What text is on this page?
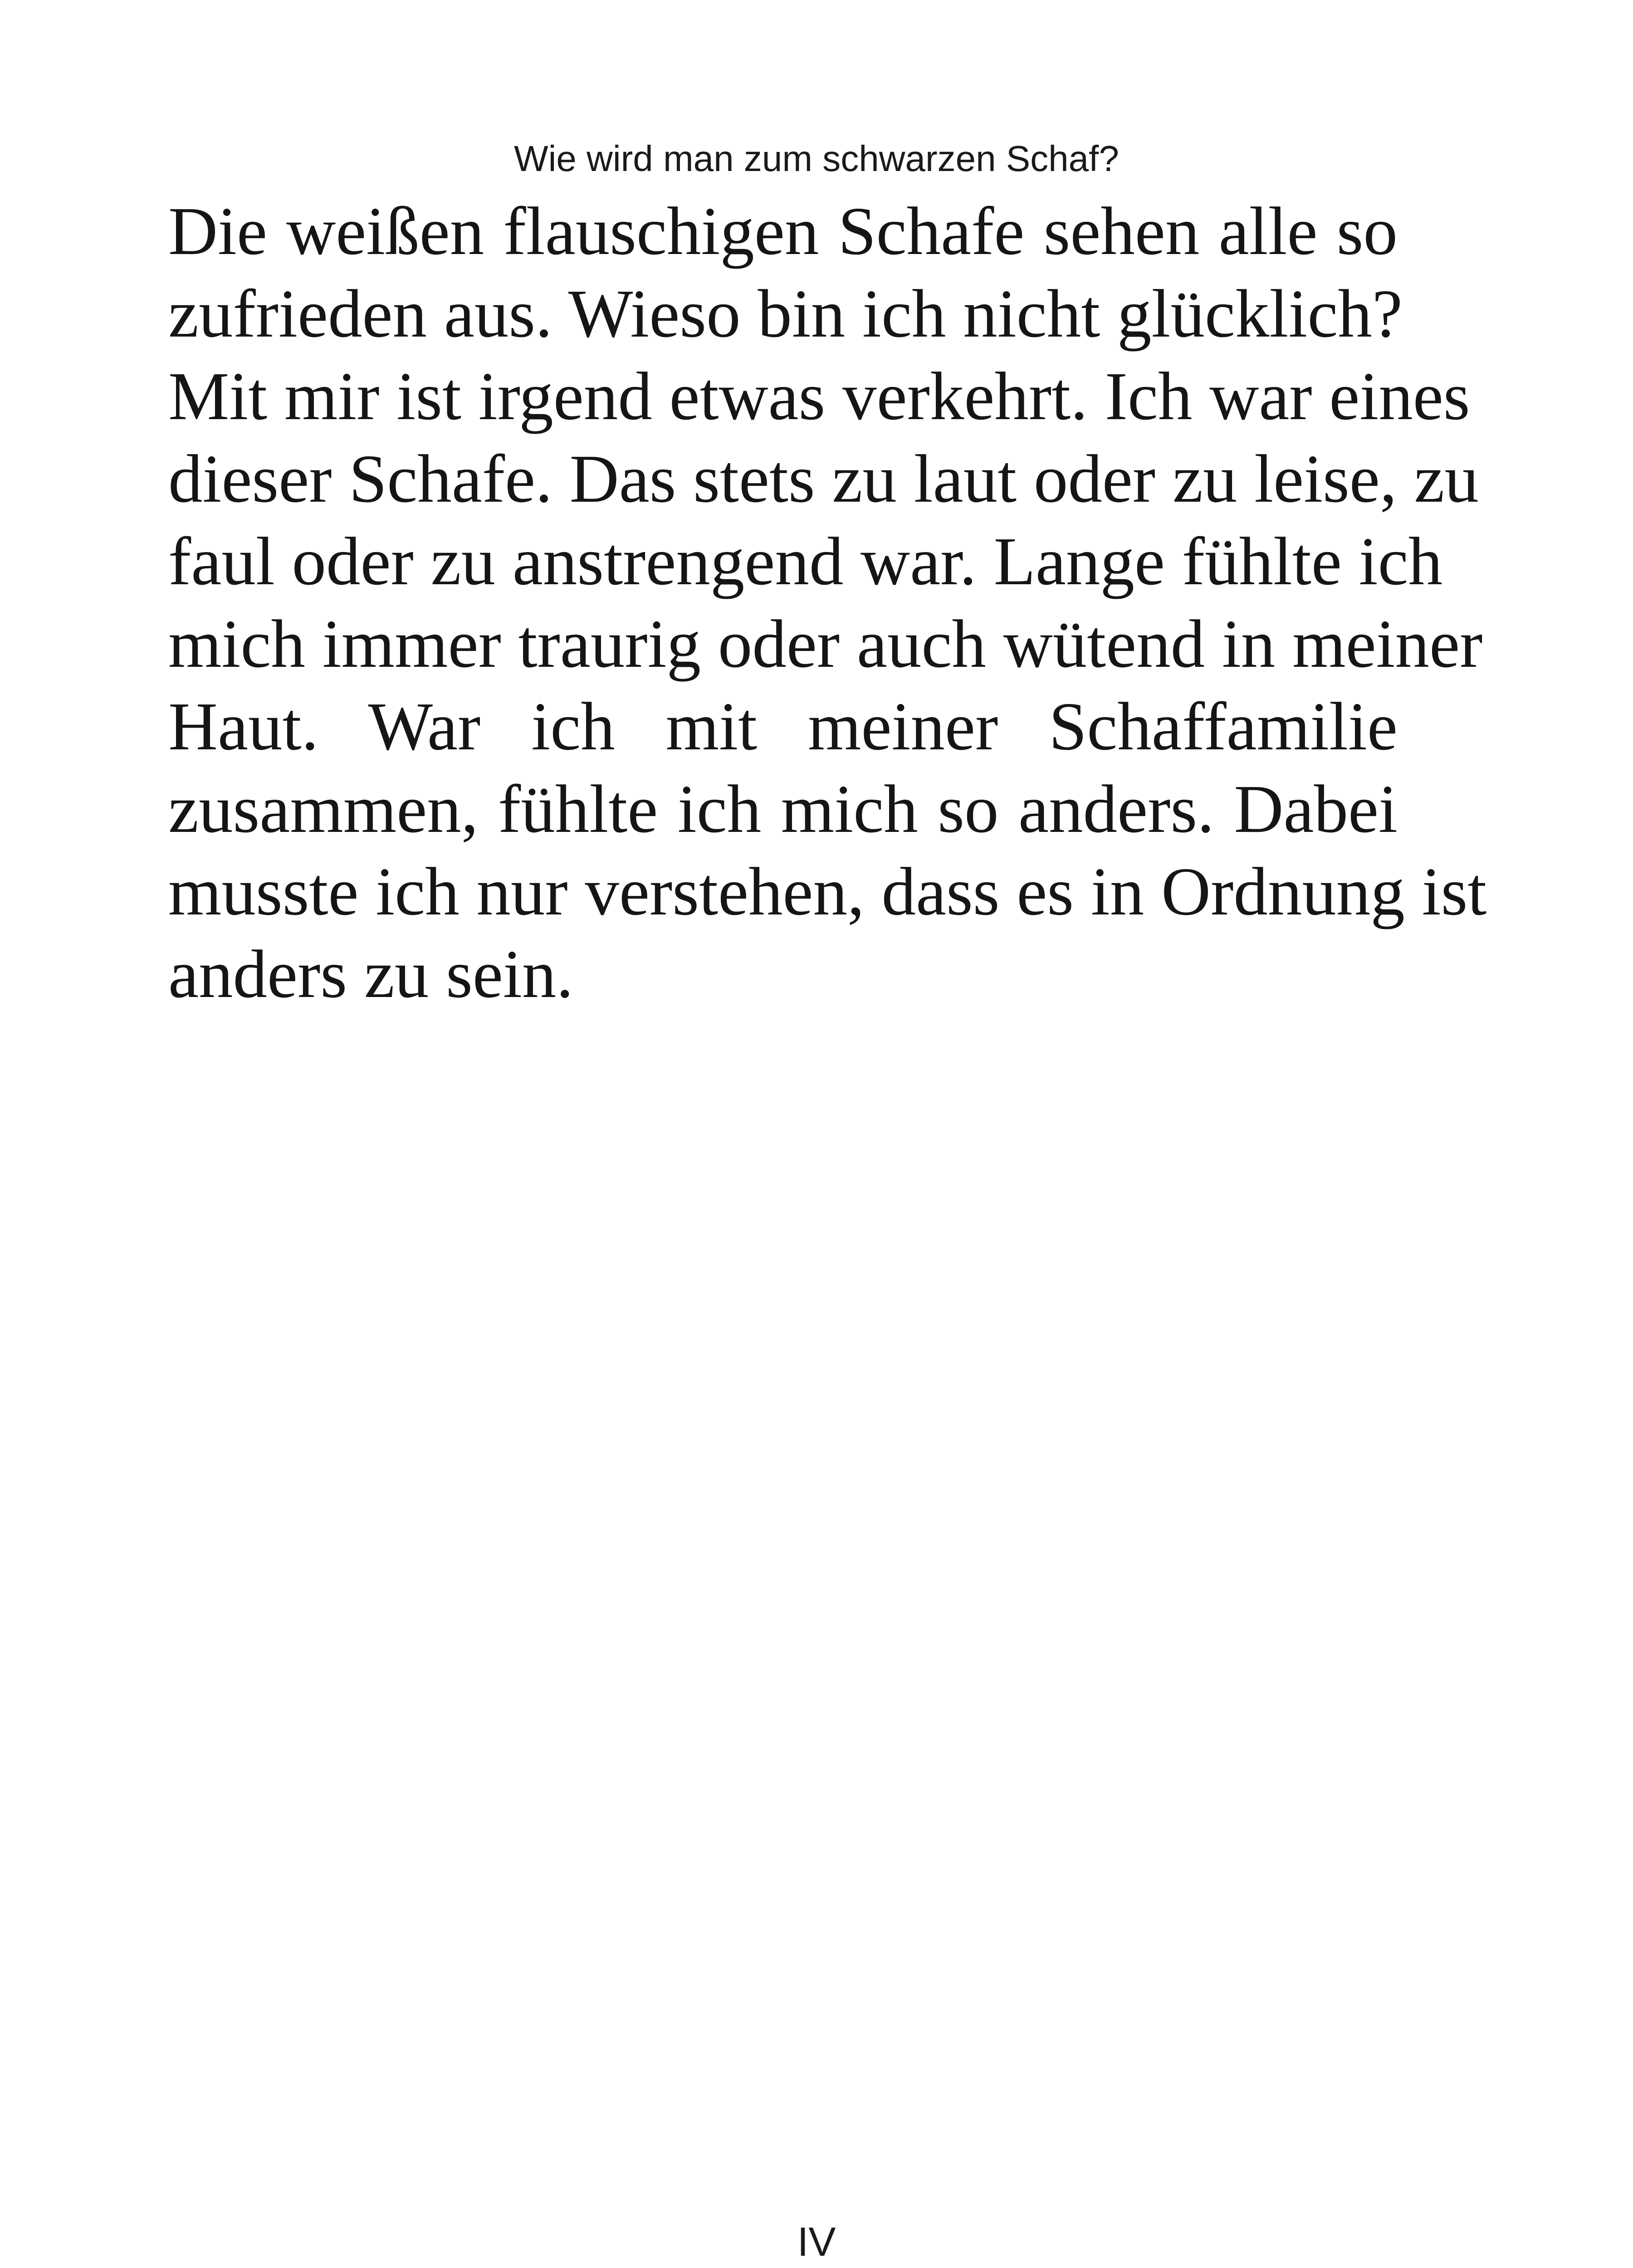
Wie wird man zum schwarzen Schaf?
Die weißen flauschigen Schafe sehen alle so
zufrieden aus. Wieso bin ich nicht glücklich?
Mit mir ist irgend etwas verkehrt. Ich war eines
dieser Schafe. Das stets zu laut oder zu leise, zu
faul oder zu anstrengend war. Lange fühlte ich
mich immer traurig oder auch wütend in meiner
Haut. War ich mit meiner Schaffamilie
zusammen, fühlte ich mich so anders. Dabei
musste ich nur verstehen, dass es in Ordnung ist
anders zu sein.
IV
